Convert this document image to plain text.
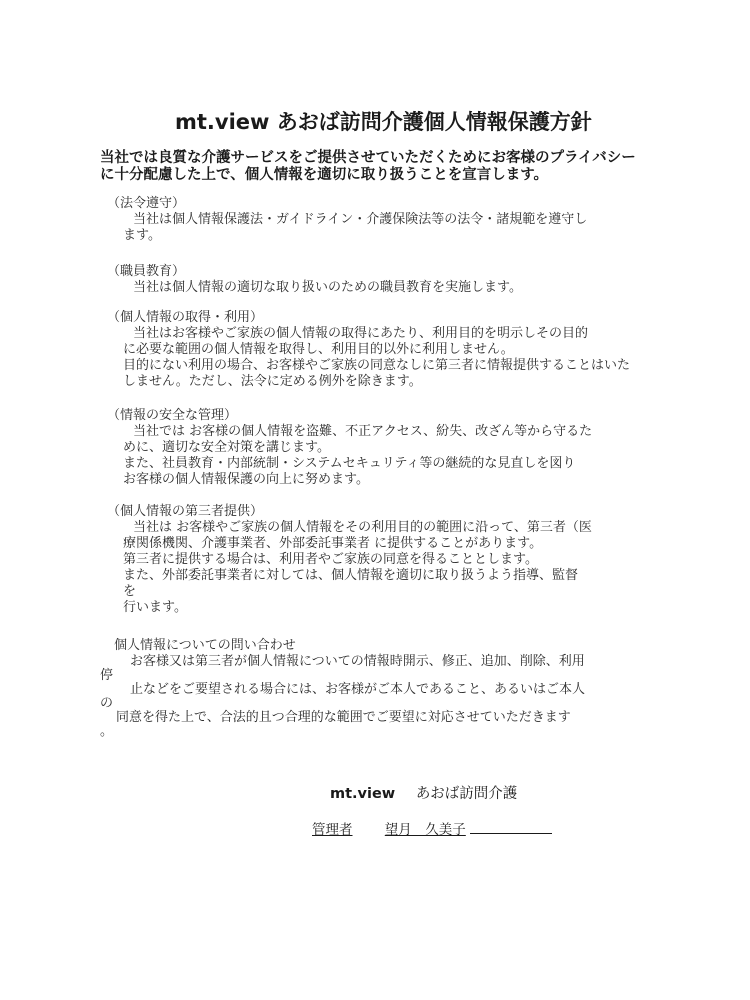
mt.view あおば訪問介護個人情報保護方針
当社では良質な介護サービスをご提供させていただくためにお客様のプライバシー
に十分配慮した上で、個人情報を適切に取り扱うことを宣言します。
（法令遵守）
当社は個人情報保護法・ガイドライン・介護保険法等の法令・諸規範を遵守し
ます。
（職員教育）
当社は個人情報の適切な取り扱いのための職員教育を実施します。
（個人情報の取得・利用）
当社はお客様やご家族の個人情報の取得にあたり、利用目的を明示しその目的
に必要な範囲の個人情報を取得し、利用目的以外に利用しません。
目的にない利用の場合、お客様やご家族の同意なしに第三者に情報提供することはいた
しません。ただし、法令に定める例外を除きます。
（情報の安全な管理）
当社では お客様の個人情報を盗難、不正アクセス、紛失、改ざん等から守るた
めに、適切な安全対策を講じます。
また、社員教育・内部統制・システムセキュリティ等の継続的な見直しを図り
お客様の個人情報保護の向上に努めます。
（個人情報の第三者提供）
当社は お客様やご家族の個人情報をその利用目的の範囲に沿って、第三者（医
療関係機関、介護事業者、外部委託事業者 に提供することがあります。
第三者に提供する場合は、利用者やご家族の同意を得ることとします。
また、外部委託事業者に対しては、個人情報を適切に取り扱うよう指導、監督
を
行います。
個人情報についての問い合わせ
お客様又は第三者が個人情報についての情報時開示、修正、追加、削除、利用
停
止などをご要望される場合には、お客様がご本人であること、あるいはご本人
の
同意を得た上で、合法的且つ合理的な範囲でご要望に対応させていただきます
。
mt.view あおば訪問介護
管理者 望月　久美子
